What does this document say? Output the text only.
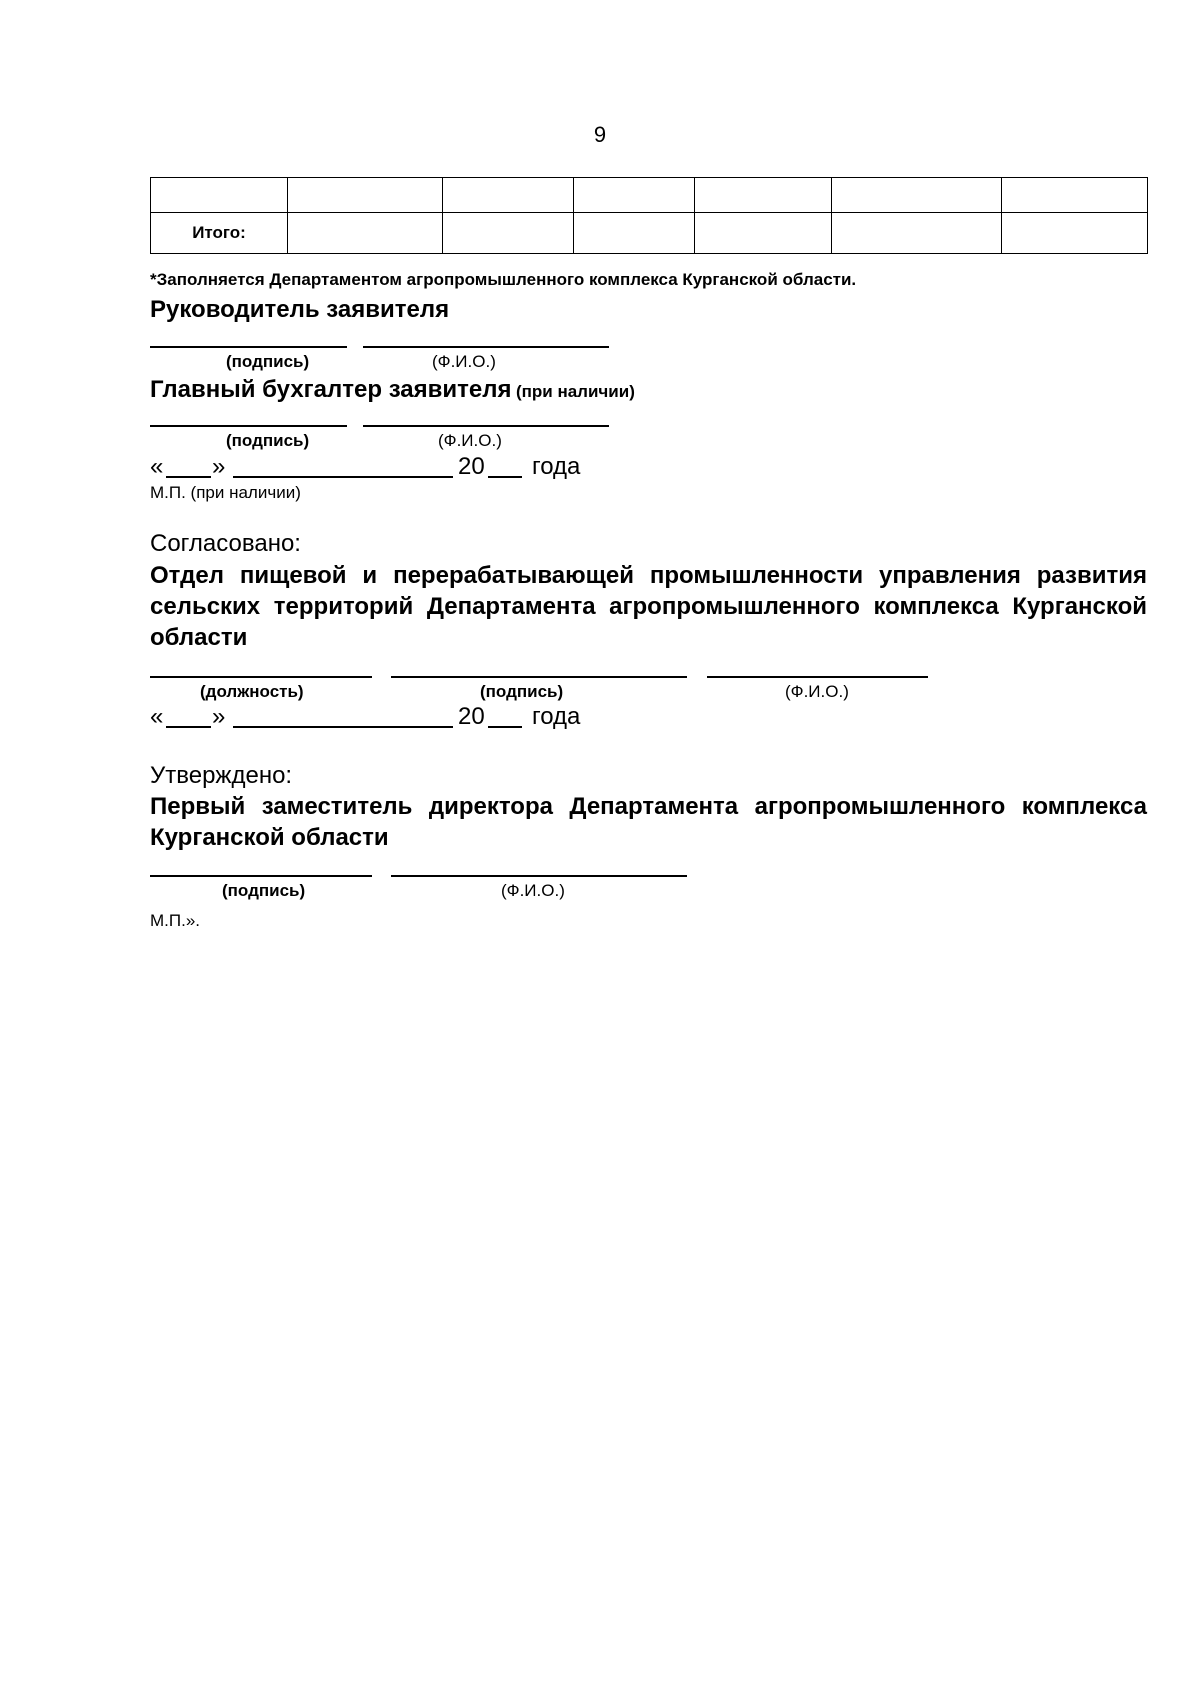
9

Итого:						
*Заполняется Департаментом агропромышленного комплекса Курганской области.
Руководитель заявителя
(подпись)	(Ф.И.О.)
Главный бухгалтер заявителя (при наличии)
(подпись)	(Ф.И.О.)
« »	20 года
М.П. (при наличии)
Согласовано:
Отдел пищевой и перерабатывающей промышленности управления развития сельских территорий Департамента агропромышленного комплекса Курганской области
(должность)	(подпись)	(Ф.И.О.)
« »	20 года
Утверждено:
Первый заместитель директора Департамента агропромышленного комплекса Курганской области
(подпись)	(Ф.И.О.)
М.П.».
